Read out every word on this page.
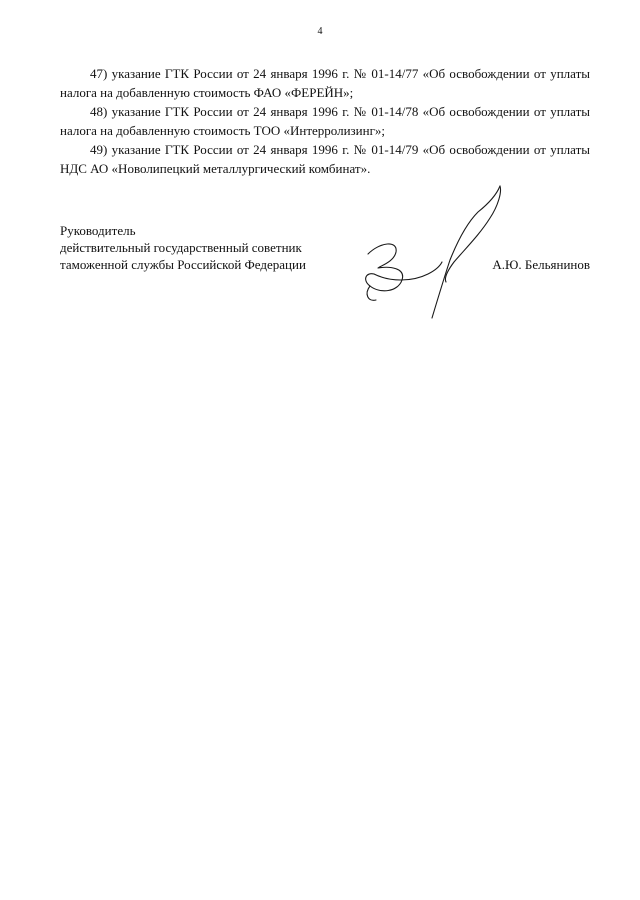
4

47) указание ГТК России от 24 января 1996 г. № 01-14/77 «Об освобождении от уплаты налога на добавленную стоимость ФАО «ФЕРЕЙН»;

48) указание ГТК России от 24 января 1996 г. № 01-14/78 «Об освобождении от уплаты налога на добавленную стоимость ТОО «Интерролизинг»;

49) указание ГТК России от 24 января 1996 г. № 01-14/79 «Об освобождении от уплаты НДС АО «Новолипецкий металлургический комбинат».

Руководитель
действительный государственный советник
таможенной службы Российской Федерации	А.Ю. Бельянинов
